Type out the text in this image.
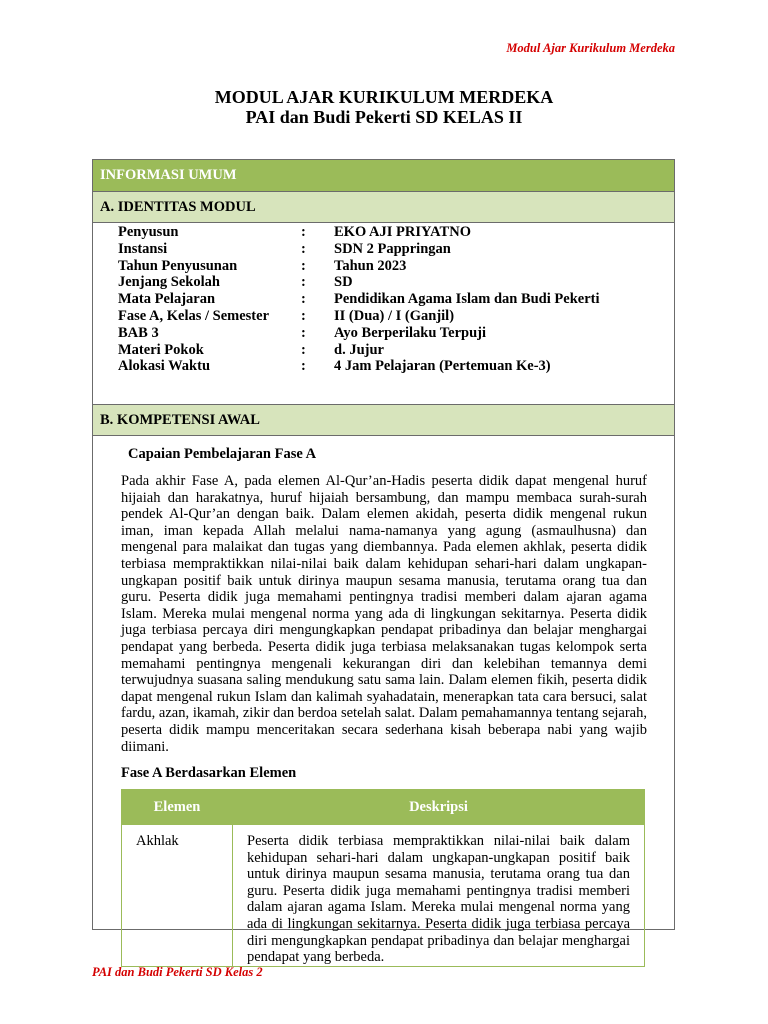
Modul Ajar Kurikulum Merdeka
MODUL AJAR KURIKULUM MERDEKA
PAI dan Budi Pekerti SD KELAS II
INFORMASI UMUM
A. IDENTITAS MODUL
Penyusun	:	EKO AJI PRIYATNO
Instansi	:	SDN 2 Pappringan
Tahun Penyusunan	:	Tahun 2023
Jenjang Sekolah	:	SD
Mata Pelajaran	:	Pendidikan Agama Islam dan Budi Pekerti
Fase A, Kelas / Semester	:	II (Dua) / I (Ganjil)
BAB 3	:	Ayo Berperilaku Terpuji
Materi Pokok	:	d. Jujur
Alokasi Waktu	:	4 Jam Pelajaran (Pertemuan Ke-3)
B. KOMPETENSI AWAL
Capaian Pembelajaran Fase A

Pada akhir Fase A, pada elemen Al-Qur’an-Hadis peserta didik dapat mengenal huruf hijaiah dan harakatnya, huruf hijaiah bersambung, dan mampu membaca surah-surah pendek Al-Qur’an dengan baik. Dalam elemen akidah, peserta didik mengenal rukun iman, iman kepada Allah melalui nama-namanya yang agung (asmaulhusna) dan mengenal para malaikat dan tugas yang diembannya. Pada elemen akhlak, peserta didik terbiasa mempraktikkan nilai-nilai baik dalam kehidupan sehari-hari dalam ungkapan-ungkapan positif baik untuk dirinya maupun sesama manusia, terutama orang tua dan guru. Peserta didik juga memahami pentingnya tradisi memberi dalam ajaran agama Islam. Mereka mulai mengenal norma yang ada di lingkungan sekitarnya. Peserta didik juga terbiasa percaya diri mengungkapkan pendapat pribadinya dan belajar menghargai pendapat yang berbeda. Peserta didik juga terbiasa melaksanakan tugas kelompok serta memahami pentingnya mengenali kekurangan diri dan kelebihan temannya demi terwujudnya suasana saling mendukung satu sama lain. Dalam elemen fikih, peserta didik dapat mengenal rukun Islam dan kalimah syahadatain, menerapkan tata cara bersuci, salat fardu, azan, ikamah, zikir dan berdoa setelah salat. Dalam pemahamannya tentang sejarah, peserta didik mampu menceritakan secara sederhana kisah beberapa nabi yang wajib diimani.

Fase A Berdasarkan Elemen
Elemen	Deskripsi
Akhlak	Peserta didik terbiasa mempraktikkan nilai-nilai baik dalam kehidupan sehari-hari dalam ungkapan-ungkapan positif baik untuk dirinya maupun sesama manusia, terutama orang tua dan guru. Peserta didik juga memahami pentingnya tradisi memberi dalam ajaran agama Islam. Mereka mulai mengenal norma yang ada di lingkungan sekitarnya. Peserta didik juga terbiasa percaya diri mengungkapkan pendapat pribadinya dan belajar menghargai pendapat yang berbeda.
PAI dan Budi Pekerti SD Kelas 2
